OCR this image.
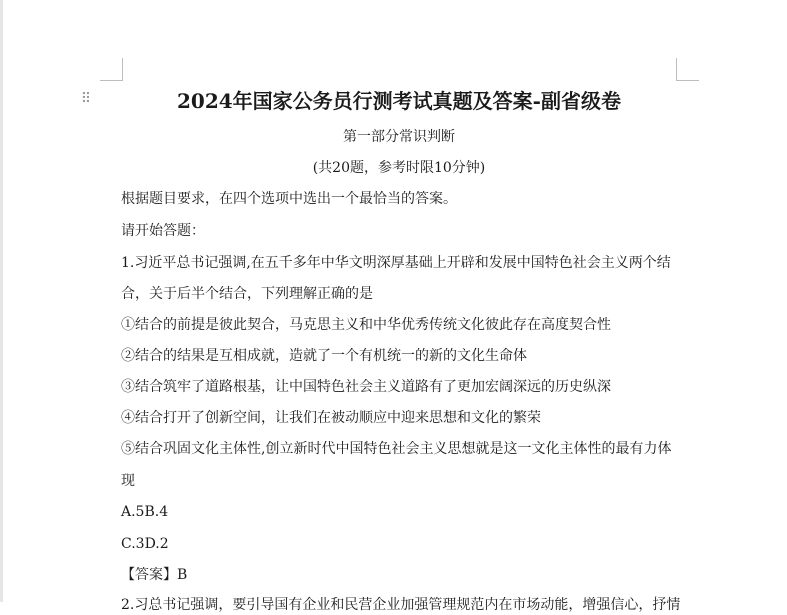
⠿	2024年国家公务员行测考试真题及答案-副省级卷
第一部分常识判断
(共20题，参考时限10分钟)
根据题目要求，在四个选项中选出一个最恰当的答案。
请开始答题：
1.习近平总书记强调,在五千多年中华文明深厚基础上开辟和发展中国特色社会主义两个结
合，关于后半个结合，下列理解正确的是
①结合的前提是彼此契合，马克思主义和中华优秀传统文化彼此存在高度契合性
②结合的结果是互相成就，造就了一个有机统一的新的文化生命体
③结合筑牢了道路根基，让中国特色社会主义道路有了更加宏阔深远的历史纵深
④结合打开了创新空间，让我们在被动顺应中迎来思想和文化的繁荣
⑤结合巩固文化主体性,创立新时代中国特色社会主义思想就是这一文化主体性的最有力体
现
A.5B.4
C.3D.2
【答案】B
2.习总书记强调，要引导国有企业和民营企业加强管理规范内在市场动能，增强信心，抒情
